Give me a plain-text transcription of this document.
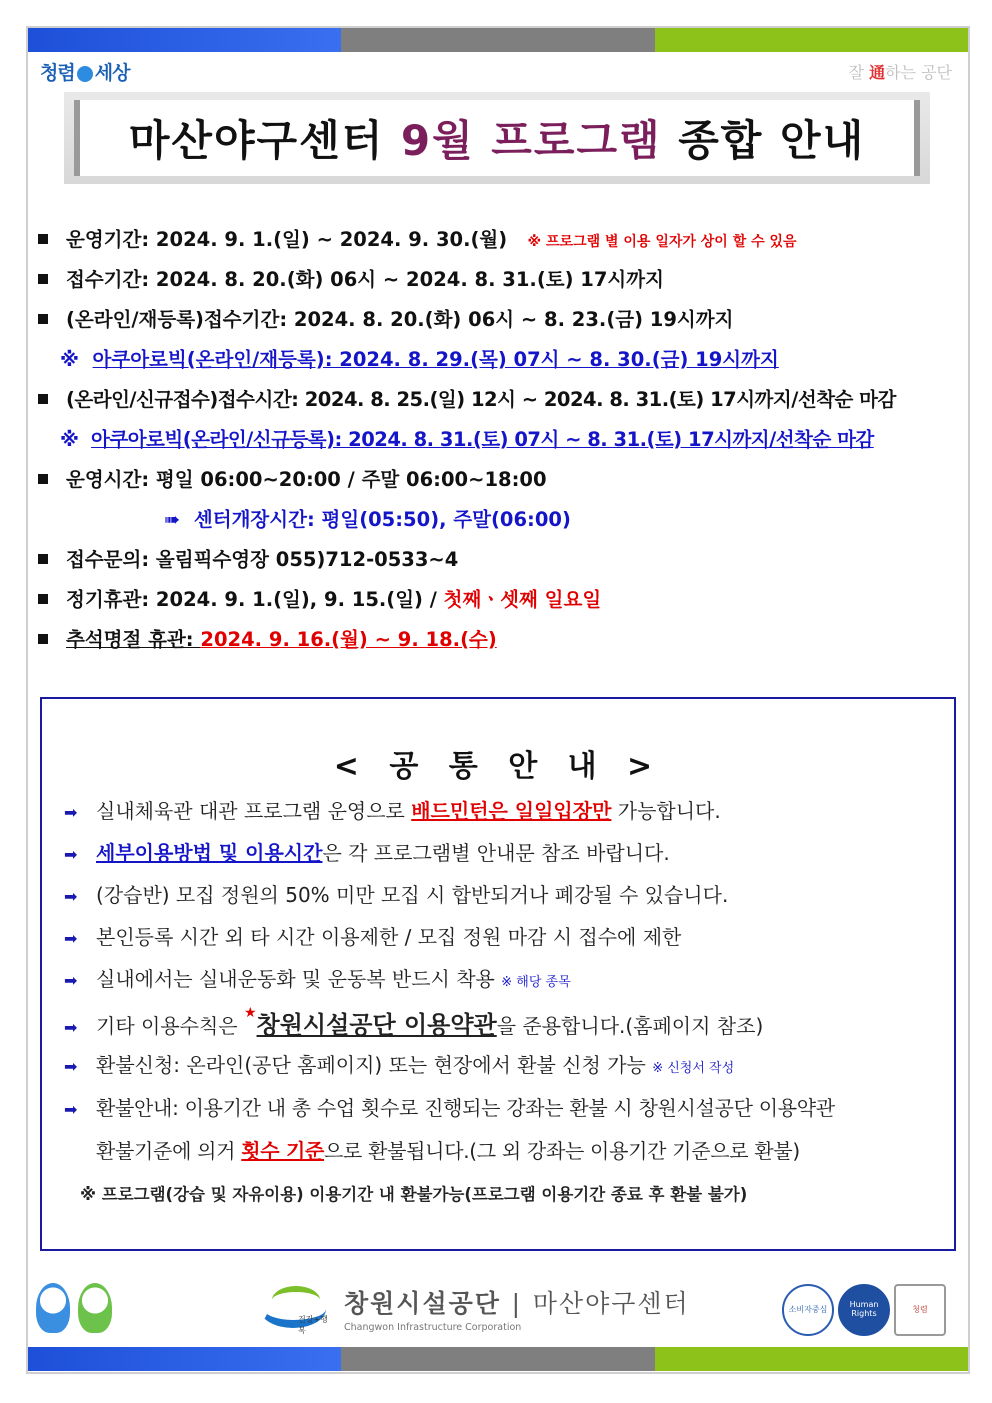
청렴 세상	잘 通하는 공단
마산야구센터 9월 프로그램 종합 안내
운영기간: 2024. 9. 1.(일) ~ 2024. 9. 30.(월) ※ 프로그램 별 이용 일자가 상이 할 수 있음
접수기간: 2024. 8. 20.(화) 06시 ~ 2024. 8. 31.(토) 17시까지
(온라인/재등록)접수기간: 2024. 8. 20.(화) 06시 ~ 8. 23.(금) 19시까지
※ 아쿠아로빅(온라인/재등록): 2024. 8. 29.(목) 07시 ~ 8. 30.(금) 19시까지
(온라인/신규접수)접수시간: 2024. 8. 25.(일) 12시 ~ 2024. 8. 31.(토) 17시까지/선착순 마감
※ 아쿠아로빅(온라인/신규등록): 2024. 8. 31.(토) 07시 ~ 8. 31.(토) 17시까지/선착순 마감
운영시간: 평일 06:00~20:00 / 주말 06:00~18:00
➠ 센터개장시간: 평일(05:50), 주말(06:00)
접수문의: 올림픽수영장 055)712-0533~4
정기휴관: 2024. 9. 1.(일), 9. 15.(일) / 첫째ㆍ셋째 일요일
추석명절 휴관: 2024. 9. 16.(월) ~ 9. 18.(수)
< 공 통 안 내 >
➡ 실내체육관 대관 프로그램 운영으로 배드민턴은 일일입장만 가능합니다.
➡ 세부이용방법 및 이용시간은 각 프로그램별 안내문 참조 바랍니다.
➡ (강습반) 모집 정원의 50% 미만 모집 시 합반되거나 폐강될 수 있습니다.
➡ 본인등록 시간 외 타 시간 이용제한 / 모집 정원 마감 시 접수에 제한
➡ 실내에서는 실내운동화 및 운동복 반드시 착용 ※ 해당 종목
➡ 기타 이용수칙은 ★창원시설공단 이용약관을 준용합니다.(홈페이지 참조)
➡ 환불신청: 온라인(공단 홈페이지) 또는 현장에서 환불 신청 가능 ※ 신청서 작성
➡ 환불안내: 이용기간 내 총 수업 횟수로 진행되는 강좌는 환불 시 창원시설공단 이용약관
환불기준에 의거 횟수 기준으로 환불됩니다.(그 외 강좌는 이용기간 기준으로 환불)
※ 프로그램(강습 및 자유이용) 이용기간 내 환불가능(프로그램 이용기간 종료 후 환불 불가)
건강+행복
창원시설공단 | 마산야구센터
Changwon Infrastructure Corporation
소비자중심	Human Rights	청렴
